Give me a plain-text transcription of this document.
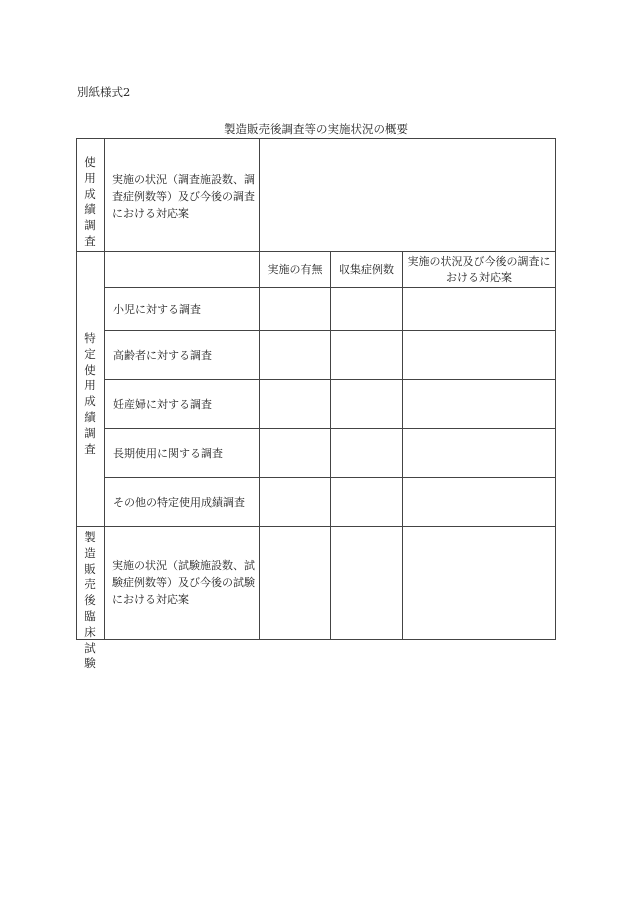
別紙様式2
製造販売後調査等の実施状況の概要
使用成績調査
実施の状況（調査施設数、調査症例数等）及び今後の調査における対応案
特定使用成績調査
実施の有無	収集症例数
実施の状況及び今後の調査における対応案
小児に対する調査
高齢者に対する調査
妊産婦に対する調査
長期使用に関する調査
その他の特定使用成績調査
製造販売後臨床試験
実施の状況（試験施設数、試験症例数等）及び今後の試験における対応案
